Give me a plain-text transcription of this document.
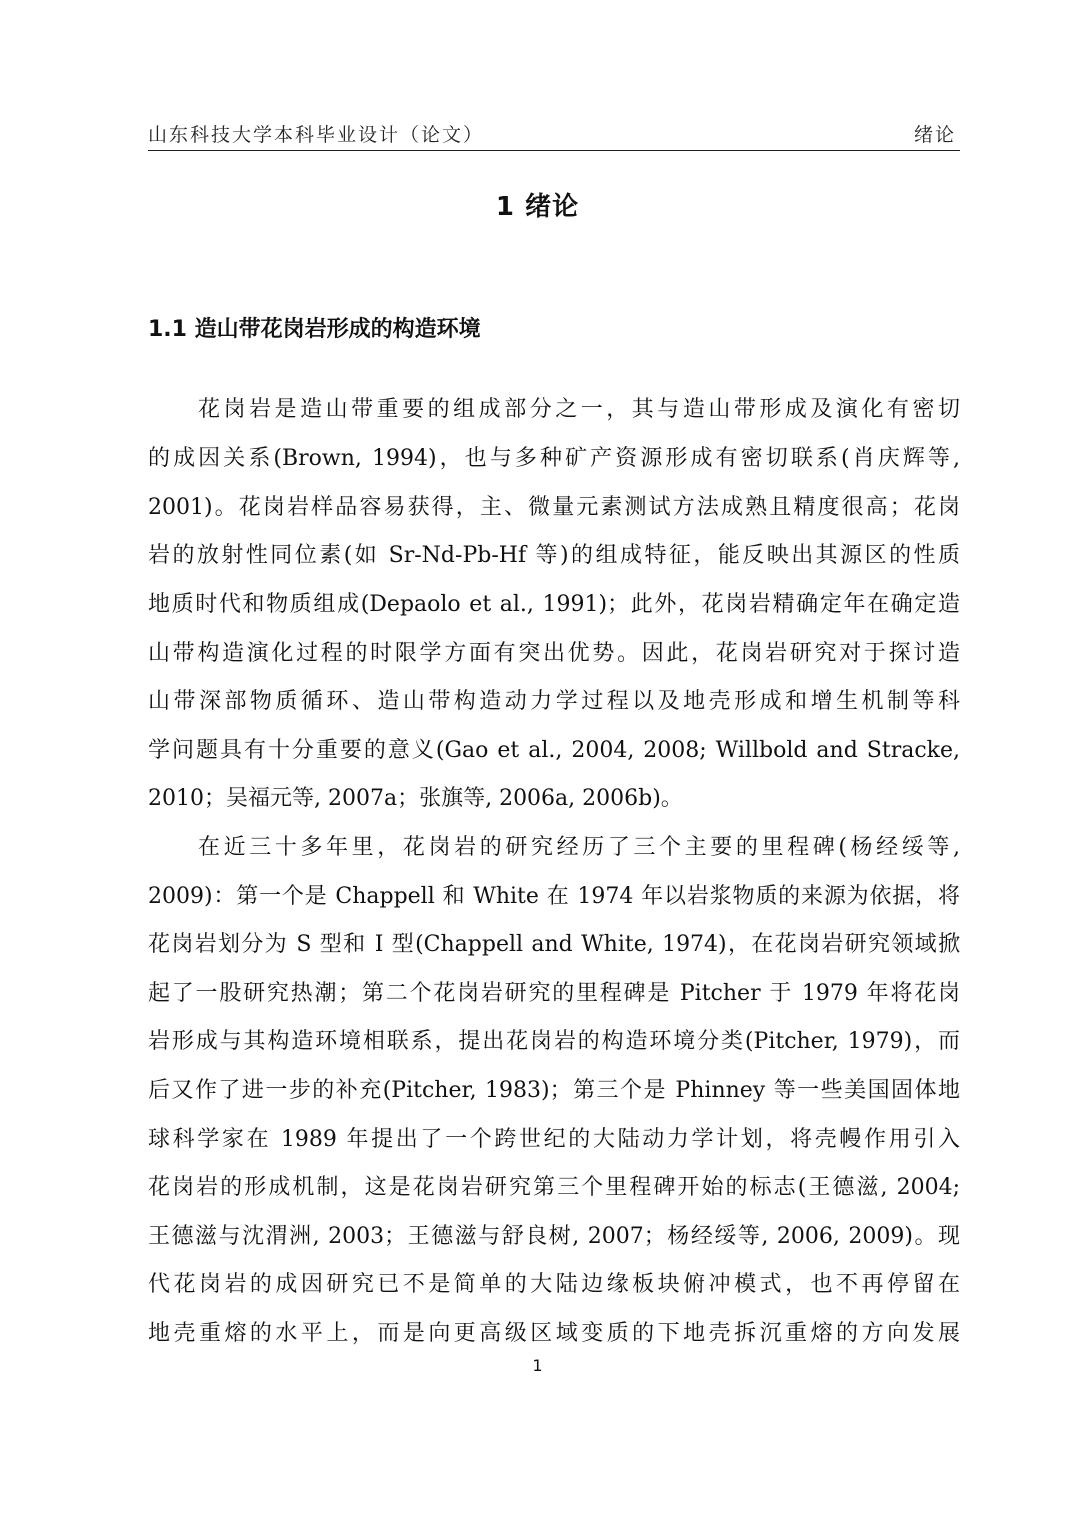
山东科技大学本科毕业设计（论文）	绪论
1 绪论
1.1 造山带花岗岩形成的构造环境
花岗岩是造山带重要的组成部分之一，其与造山带形成及演化有密切
的成因关系(Brown, 1994)，也与多种矿产资源形成有密切联系(肖庆辉等,
2001)。花岗岩样品容易获得，主、微量元素测试方法成熟且精度很高；花岗
岩的放射性同位素(如 Sr-Nd-Pb-Hf 等)的组成特征，能反映出其源区的性质
地质时代和物质组成(Depaolo et al., 1991)；此外，花岗岩精确定年在确定造
山带构造演化过程的时限学方面有突出优势。因此，花岗岩研究对于探讨造
山带深部物质循环、造山带构造动力学过程以及地壳形成和增生机制等科
学问题具有十分重要的意义(Gao et al., 2004, 2008; Willbold and Stracke,
2010；吴福元等, 2007a；张旗等, 2006a, 2006b)。
在近三十多年里，花岗岩的研究经历了三个主要的里程碑(杨经绥等,
2009)：第一个是 Chappell 和 White 在 1974 年以岩浆物质的来源为依据，将
花岗岩划分为 S 型和 I 型(Chappell and White, 1974)，在花岗岩研究领域掀
起了一股研究热潮；第二个花岗岩研究的里程碑是 Pitcher 于 1979 年将花岗
岩形成与其构造环境相联系，提出花岗岩的构造环境分类(Pitcher, 1979)，而
后又作了进一步的补充(Pitcher, 1983)；第三个是 Phinney 等一些美国固体地
球科学家在 1989 年提出了一个跨世纪的大陆动力学计划，将壳幔作用引入
花岗岩的形成机制，这是花岗岩研究第三个里程碑开始的标志(王德滋, 2004;
王德滋与沈渭洲, 2003；王德滋与舒良树, 2007；杨经绥等, 2006, 2009)。现
代花岗岩的成因研究已不是简单的大陆边缘板块俯冲模式，也不再停留在
地壳重熔的水平上，而是向更高级区域变质的下地壳拆沉重熔的方向发展
1
